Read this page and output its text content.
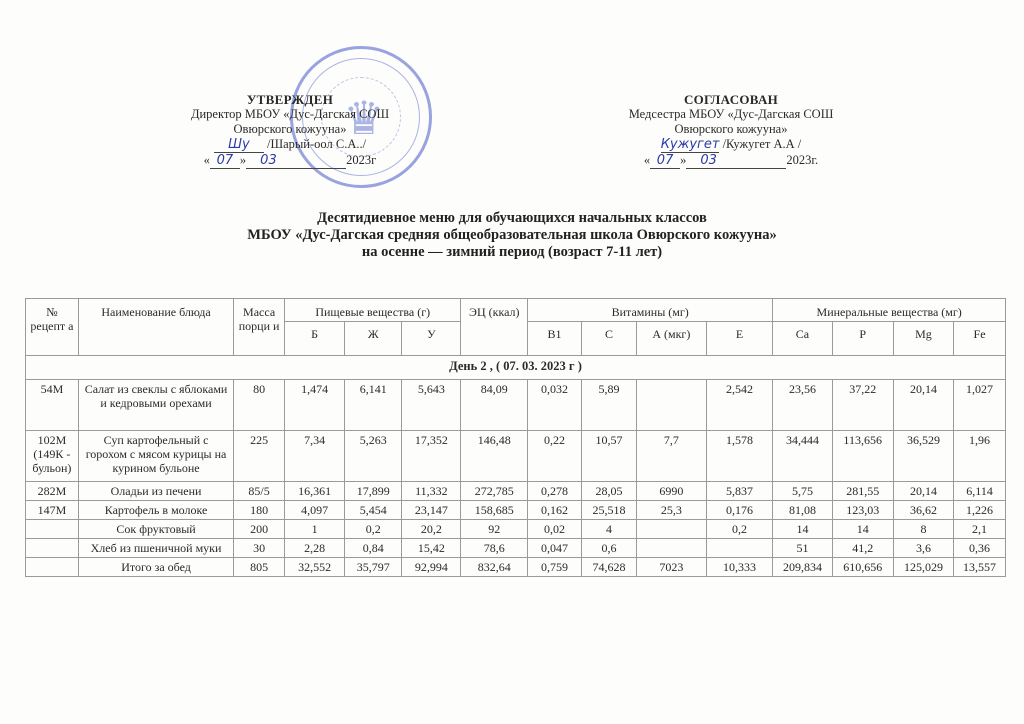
♛
УТВЕРЖДЕН
Директор МБОУ «Дус-Дагская СОШ
Овюрского кожууна»
Шу /Шарый-оол С.А../
« 07 » 03	2023г
СОГЛАСОВАН
Медсестра МБОУ «Дус-Дагская СОШ
Овюрского кожууна»
Кужугет /Кужугет А.А /
« 07 » 03	2023г.
Десятидиевное меню для обучающихся начальных классов
МБОУ «Дус-Дагская средняя общеобразовательная школа Овюрского кожууна»
на осенне — зимний период (возраст 7-11 лет)
№ рецепт а	Наименование блюда	Масса порци и	Пищевые вещества (г)			ЭЦ (ккал)	Витамины (мг)				Минеральные вещества (мг)			
			Б	Ж	У		В1	С	А (мкг)	Е	Са	Р	Mg	Fe
День 2 , ( 07. 03. 2023 г )														
54М	Салат из свеклы с яблоками и кедровыми орехами	80	1,474	6,141	5,643	84,09	0,032	5,89		2,542	23,56	37,22	20,14	1,027
102М (149К - бульон)	Суп картофельный с горохом с мясом курицы на курином бульоне	225	7,34	5,263	17,352	146,48	0,22	10,57	7,7	1,578	34,444	113,656	36,529	1,96
282М	Оладьи из печени	85/5	16,361	17,899	11,332	272,785	0,278	28,05	6990	5,837	5,75	281,55	20,14	6,114
147М	Картофель в молоке	180	4,097	5,454	23,147	158,685	0,162	25,518	25,3	0,176	81,08	123,03	36,62	1,226
	Сок фруктовый	200	1	0,2	20,2	92	0,02	4		0,2	14	14	8	2,1
	Хлеб из пшеничной муки	30	2,28	0,84	15,42	78,6	0,047	0,6			51	41,2	3,6	0,36
	Итого за обед	805	32,552	35,797	92,994	832,64	0,759	74,628	7023	10,333	209,834	610,656	125,029	13,557
